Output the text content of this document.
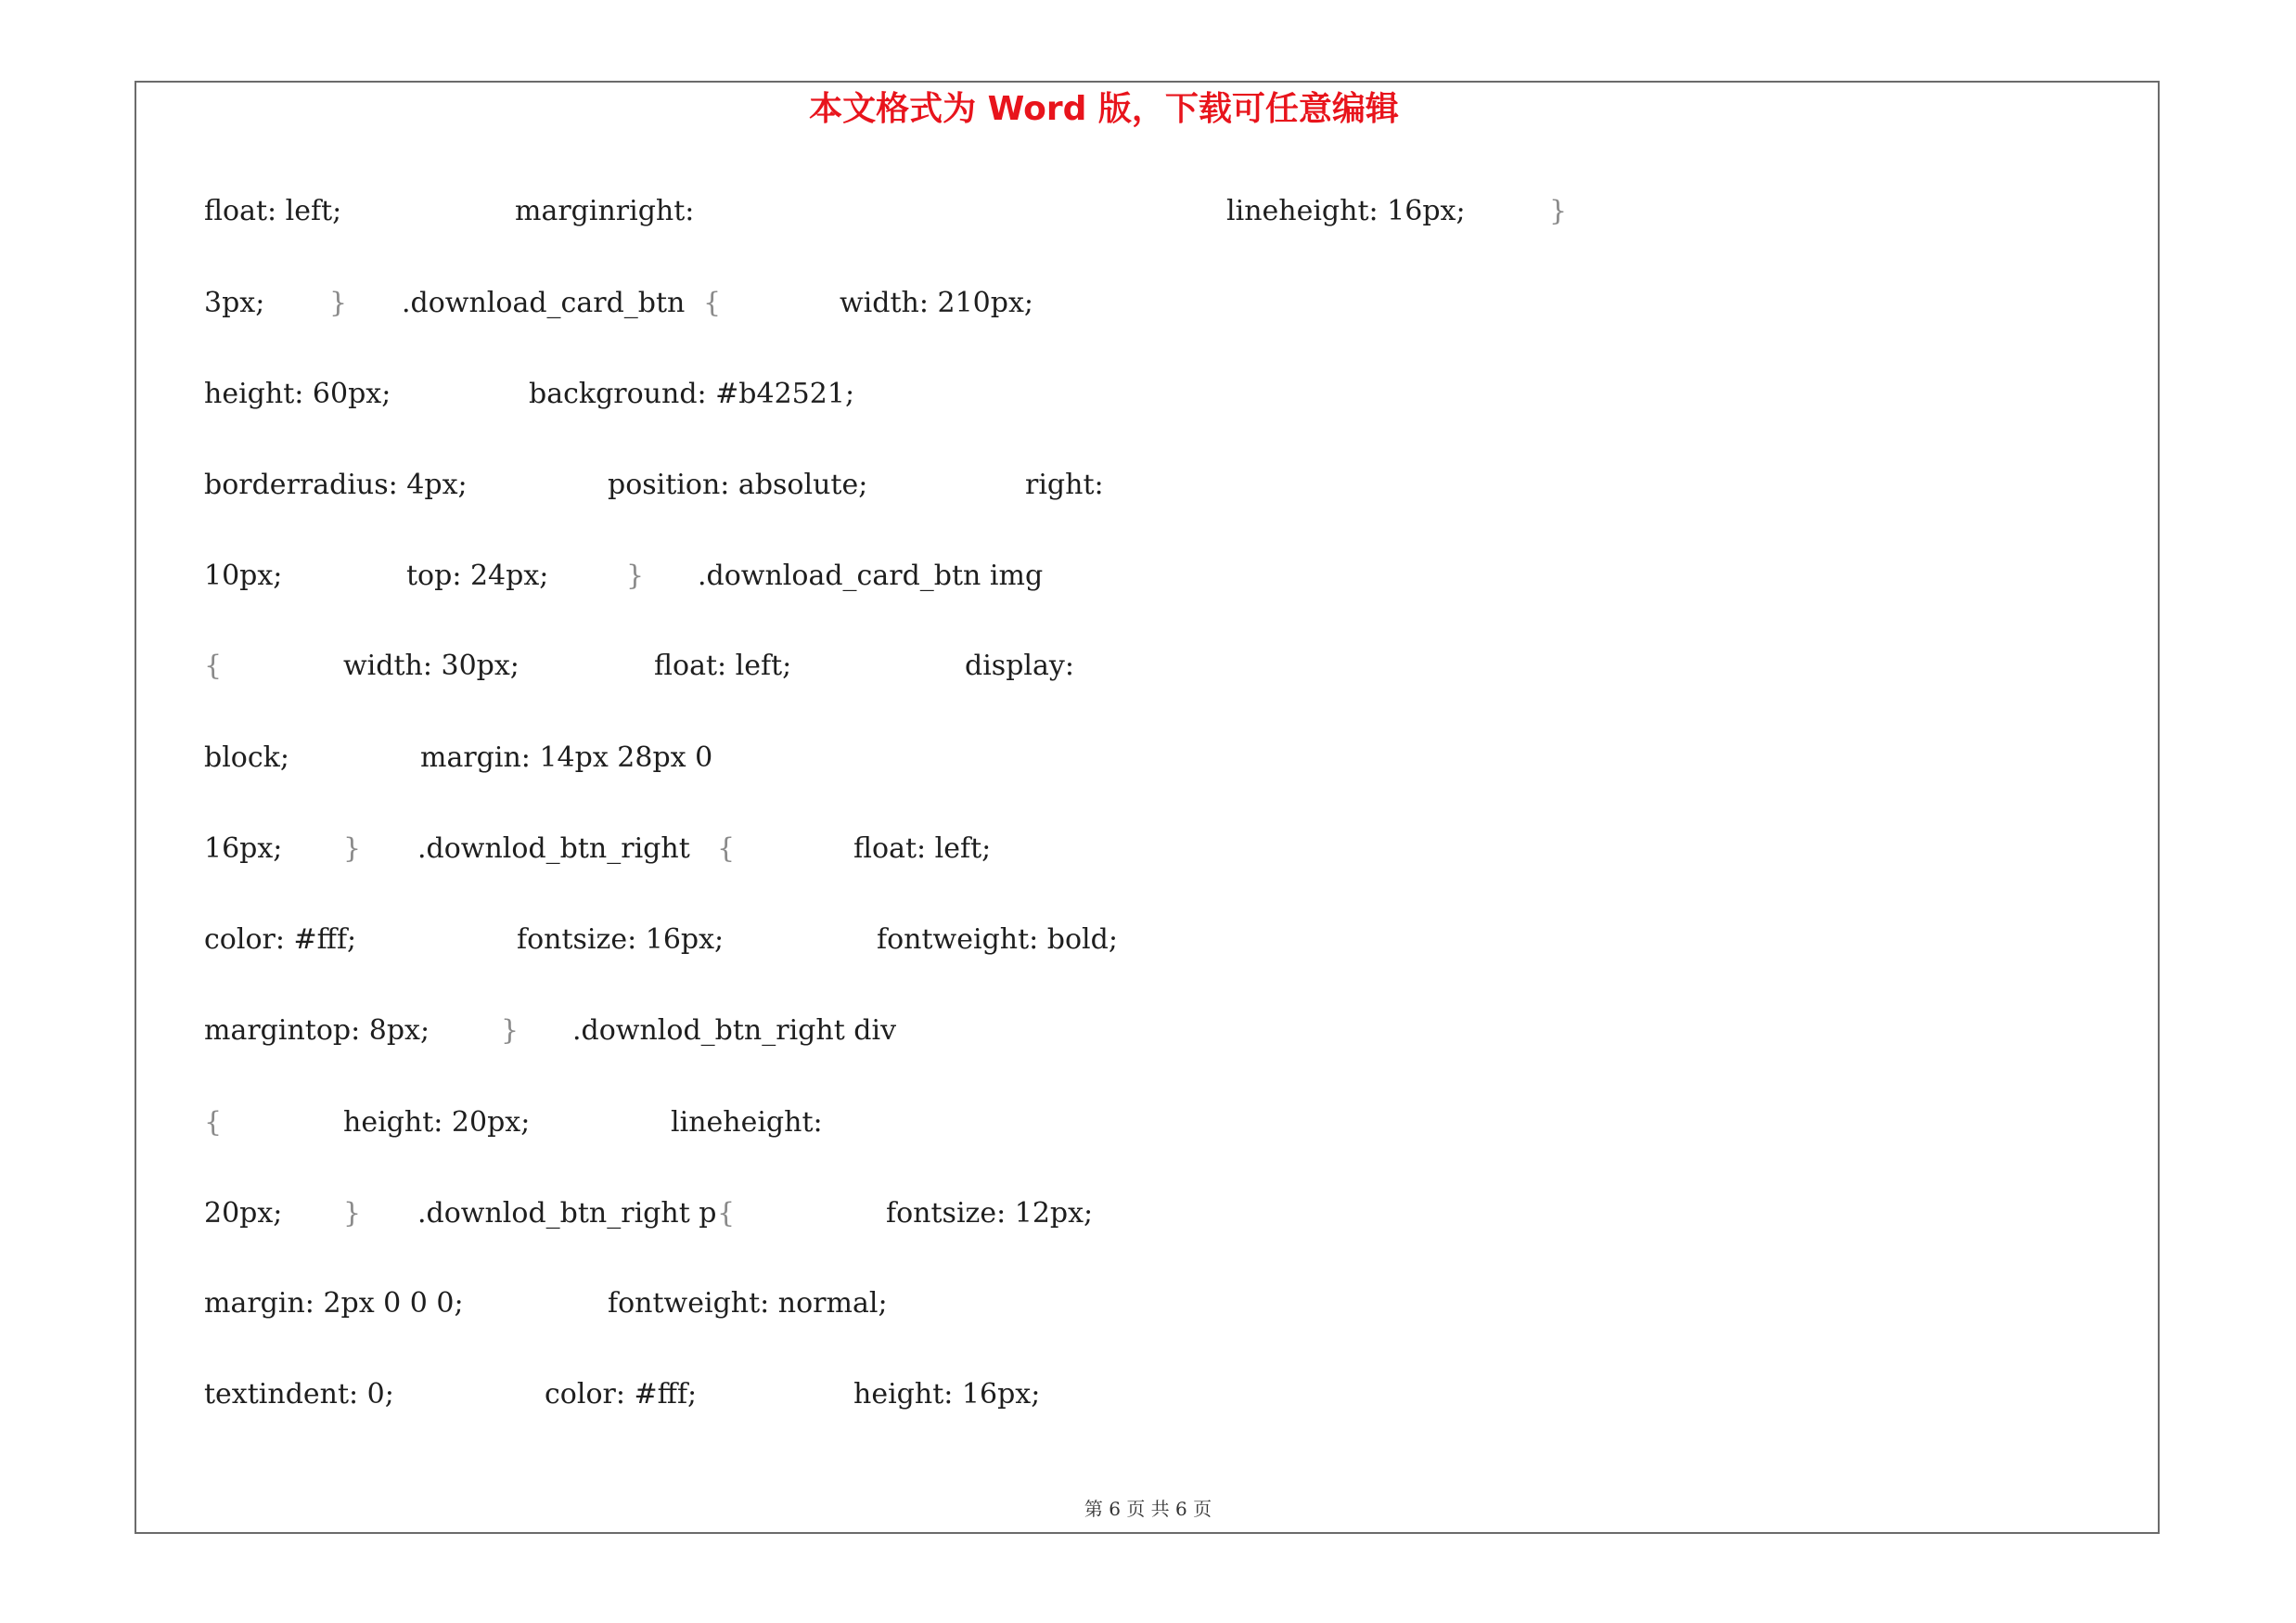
本文格式为 Word 版，下载可任意编辑
float: left;	marginright:	lineheight: 16px;	}
3px; } .download_card_btn {	width: 210px;
height: 60px;	background: #b42521;
borderradius: 4px;	position: absolute;	right:
10px;	top: 24px;	} .download_card_btn img
{	width: 30px;	float: left;	display:
block;	margin: 14px 28px 0
16px; } .downlod_btn_right {	float: left;
color: #fff;	fontsize: 16px;	fontweight: bold;
margintop: 8px;	} .downlod_btn_right div
{	height: 20px;	lineheight:
20px; } .downlod_btn_right p {	fontsize: 12px;
margin: 2px 0 0 0;	fontweight: normal;
textindent: 0;	color: #fff;	height: 16px;
第 6 页 共 6 页
